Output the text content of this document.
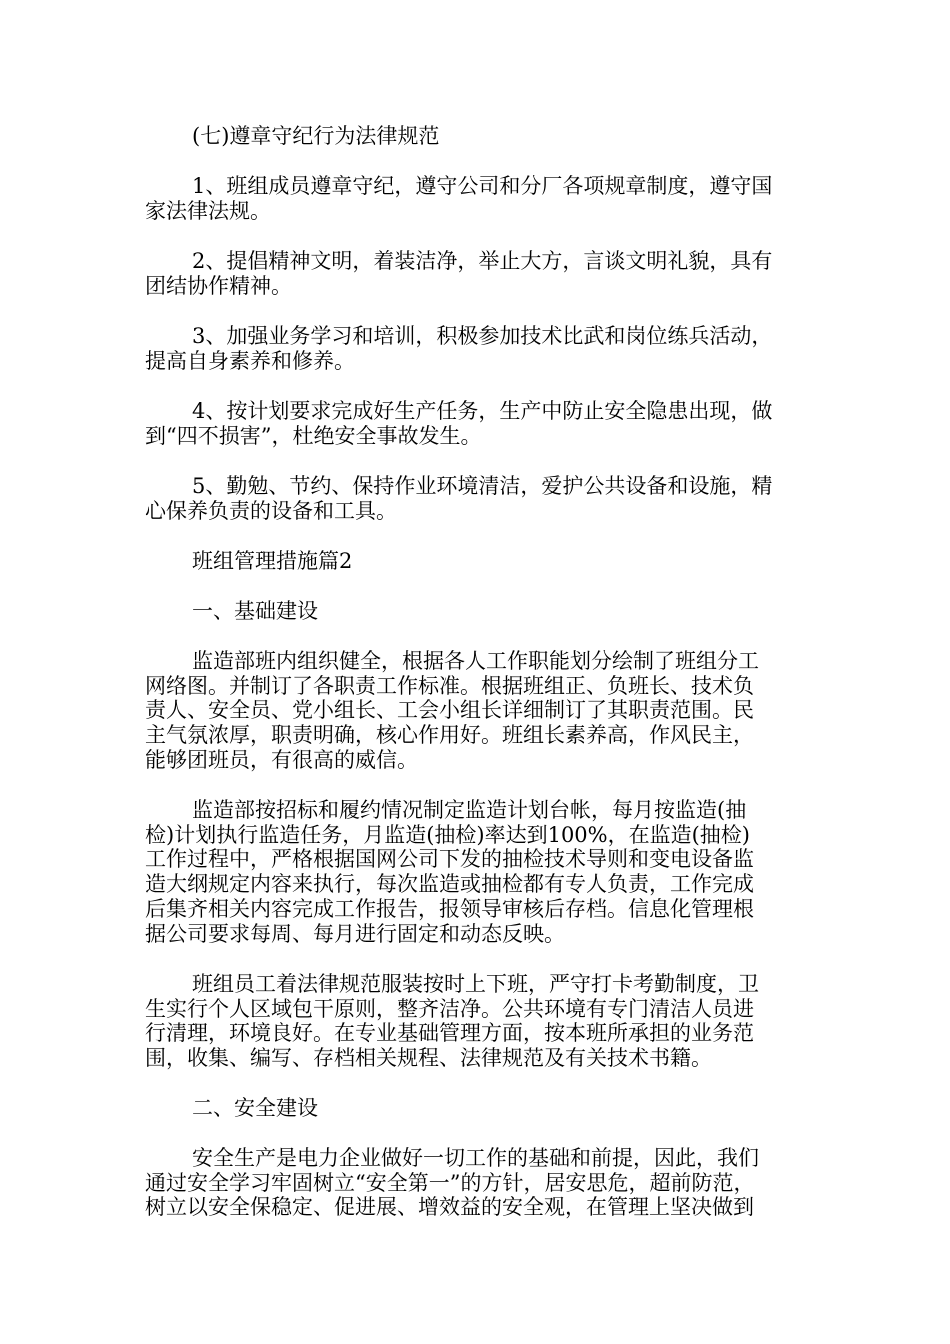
(七)遵章守纪行为法律规范
1、班组成员遵章守纪，遵守公司和分厂各项规章制度，遵守国
家法律法规。
2、提倡精神文明，着装洁净，举止大方，言谈文明礼貌，具有
团结协作精神。
3、加强业务学习和培训，积极参加技术比武和岗位练兵活动，
提高自身素养和修养。
4、按计划要求完成好生产任务，生产中防止安全隐患出现，做
到“四不损害”，杜绝安全事故发生。
5、勤勉、节约、保持作业环境清洁，爱护公共设备和设施，精
心保养负责的设备和工具。
班组管理措施篇2
一、基础建设
监造部班内组织健全，根据各人工作职能划分绘制了班组分工
网络图。并制订了各职责工作标准。根据班组正、负班长、技术负
责人、安全员、党小组长、工会小组长详细制订了其职责范围。民
主气氛浓厚，职责明确，核心作用好。班组长素养高，作风民主，
能够团班员，有很高的威信。
监造部按招标和履约情况制定监造计划台帐，每月按监造(抽
检)计划执行监造任务，月监造(抽检)率达到100%，在监造(抽检)
工作过程中，严格根据国网公司下发的抽检技术导则和变电设备监
造大纲规定内容来执行，每次监造或抽检都有专人负责，工作完成
后集齐相关内容完成工作报告，报领导审核后存档。信息化管理根
据公司要求每周、每月进行固定和动态反映。
班组员工着法律规范服装按时上下班，严守打卡考勤制度，卫
生实行个人区域包干原则，整齐洁净。公共环境有专门清洁人员进
行清理，环境良好。在专业基础管理方面，按本班所承担的业务范
围，收集、编写、存档相关规程、法律规范及有关技术书籍。
二、安全建设
安全生产是电力企业做好一切工作的基础和前提，因此，我们
通过安全学习牢固树立“安全第一”的方针，居安思危，超前防范，
树立以安全保稳定、促进展、增效益的安全观，在管理上坚决做到
